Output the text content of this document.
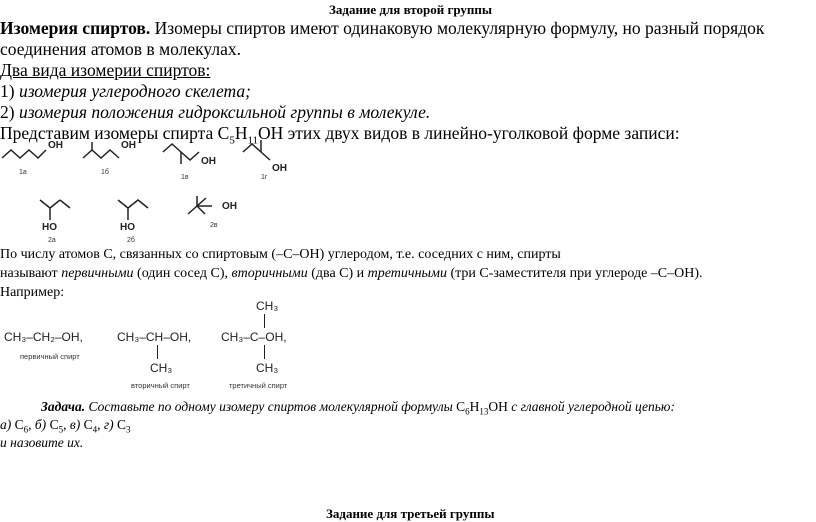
Задание для второй группы
Изомерия спиртов. Изомеры спиртов имеют одинаковую молекулярную формулу, но разный порядок
соединения атомов в молекулах.
Два вида изомерии спиртов:
1) изомерия углеродного скелета;
2) изомерия положения гидроксильной группы в молекуле.
Представим изомеры спирта $C_5H_{11}OH$ этих двух видов в линейно-уголковой форме записи:
OH	OH
OH
OH
1а	1б
1в	1г
HO	HO
OH
2а	2б
2в
По числу атомов C, связанных со спиртовым (–C–OH) углеродом, т.е. соседних с ним, спирты
называют первичными (один сосед C), вторичными (два C) и третичными (три C-заместителя при углероде –C–OH).
Например:
CH₃–CH₂–OH,
первичный спирт
CH₃–CH–OH,
CH₃
вторичный спирт
CH₃
CH₃–C–OH,
CH₃
третичный спирт
Задача. Составьте по одному изомеру спиртов молекулярной формулы $C_6H_{13}OH$ с главной углеродной цепью:
а) $C_6$, б) $C_5$, в) $C_4$, г) $C_3$
и назовите их.
Задание для третьей группы
